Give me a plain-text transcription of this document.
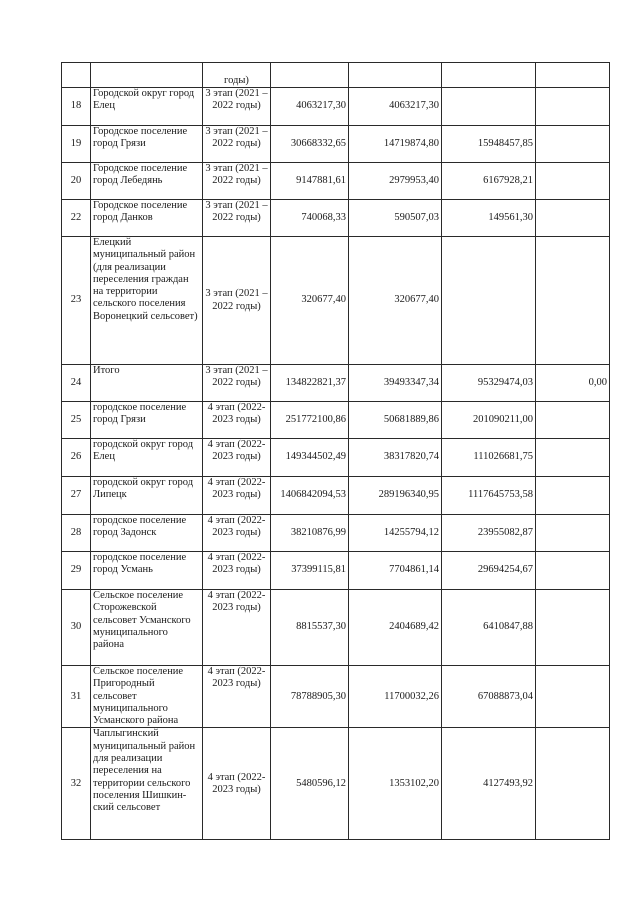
		годы)				
18	Городской округ город Елец	3 этап (2021 – 2022 годы)	4063217,30	4063217,30		
19	Городское поселение город Грязи	3 этап (2021 – 2022 годы)	30668332,65	14719874,80	15948457,85	
20	Городское поселение город Лебедянь	3 этап (2021 – 2022 годы)	9147881,61	2979953,40	6167928,21	
22	Городское поселение город Данков	3 этап (2021 – 2022 годы)	740068,33	590507,03	149561,30	
23	Елецкий муниципальный район (для реализации переселения граждан на территории сельского поселения Воронецкий сельсовет)	3 этап (2021 – 2022 годы)	320677,40	320677,40		
24	Итого	3 этап (2021 – 2022 годы)	134822821,37	39493347,34	95329474,03	0,00
25	городское поселение город Грязи	4 этап (2022-2023 годы)	251772100,86	50681889,86	201090211,00	
26	городской округ город Елец	4 этап (2022-2023 годы)	149344502,49	38317820,74	111026681,75	
27	городской округ город Липецк	4 этап (2022-2023 годы)	1406842094,53	289196340,95	1117645753,58	
28	городское поселение город Задонск	4 этап (2022-2023 годы)	38210876,99	14255794,12	23955082,87	
29	городское поселение город Усмань	4 этап (2022-2023 годы)	37399115,81	7704861,14	29694254,67	
30	Сельское поселение Сторожевской сельсовет Усманского муниципального района	4 этап (2022-2023 годы)	8815537,30	2404689,42	6410847,88	
31	Сельское поселение Пригородный сельсовет муниципального Усманского района	4 этап (2022-2023 годы)	78788905,30	11700032,26	67088873,04	
32	Чаплыгинский муниципальный район для реализации переселения на территории сельского поселения Шишкин-ский сельсовет	4 этап (2022-2023 годы)	5480596,12	1353102,20	4127493,92	
